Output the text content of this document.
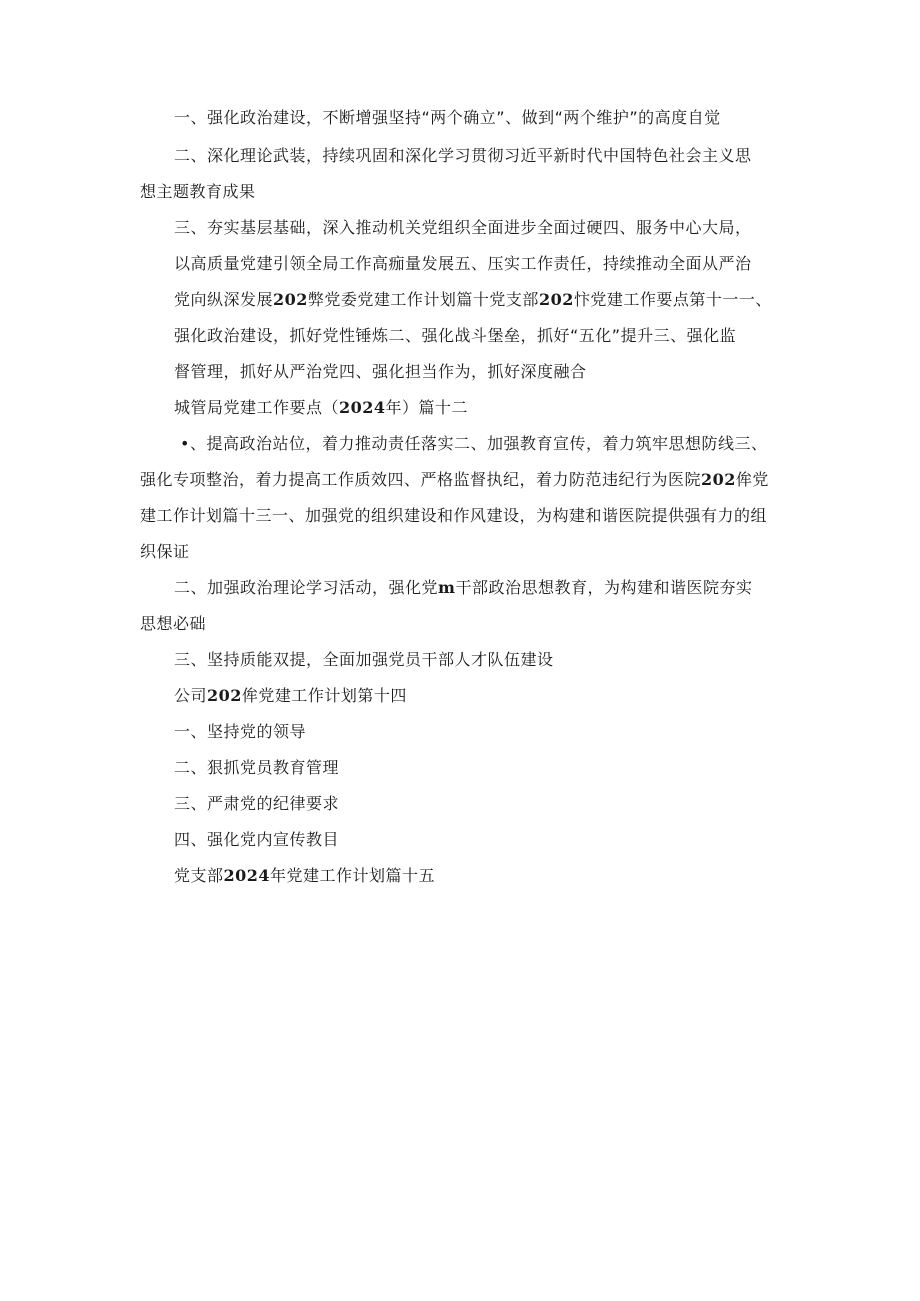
一、强化政治建设，不断增强坚持“两个确立”、做到“两个维护”的高度自觉

二、深化理论武装，持续巩固和深化学习贯彻习近平新时代中国特色社会主义思

想主题教育成果

三、夯实基层基础，深入推动机关党组织全面进步全面过硬四、服务中心大局，

以高质量党建引领全局工作高痂量发展五、压实工作责任，持续推动全面从严治

党向纵深发展202弊党委党建工作计划篇十党支部202忭党建工作要点第十一一、

强化政治建设，抓好党性锤炼二、强化战斗堡垒，抓好“五化”提升三、强化监

督管理，抓好从严治党四、强化担当作为，抓好深度融合

城管局党建工作要点（2024年）篇十二

•、提高政治站位，着力推动责任落实二、加强教育宣传，着力筑牢思想防线三、

强化专项整治，着力提高工作质效四、严格监督执纪，着力防范违纪行为医院202侔党

建工作计划篇十三一、加强党的组织建设和作风建设，为构建和谐医院提供强有力的组

织保证

二、加强政治理论学习活动，强化党m干部政治思想教育，为构建和谐医院夯实

思想必础

三、坚持质能双提，全面加强党员干部人才队伍建设

公司202侔党建工作计划第十四

一、坚持党的领导

二、狠抓党员教育管理

三、严肃党的纪律要求

四、强化党内宣传教目

党支部2024年党建工作计划篇十五
